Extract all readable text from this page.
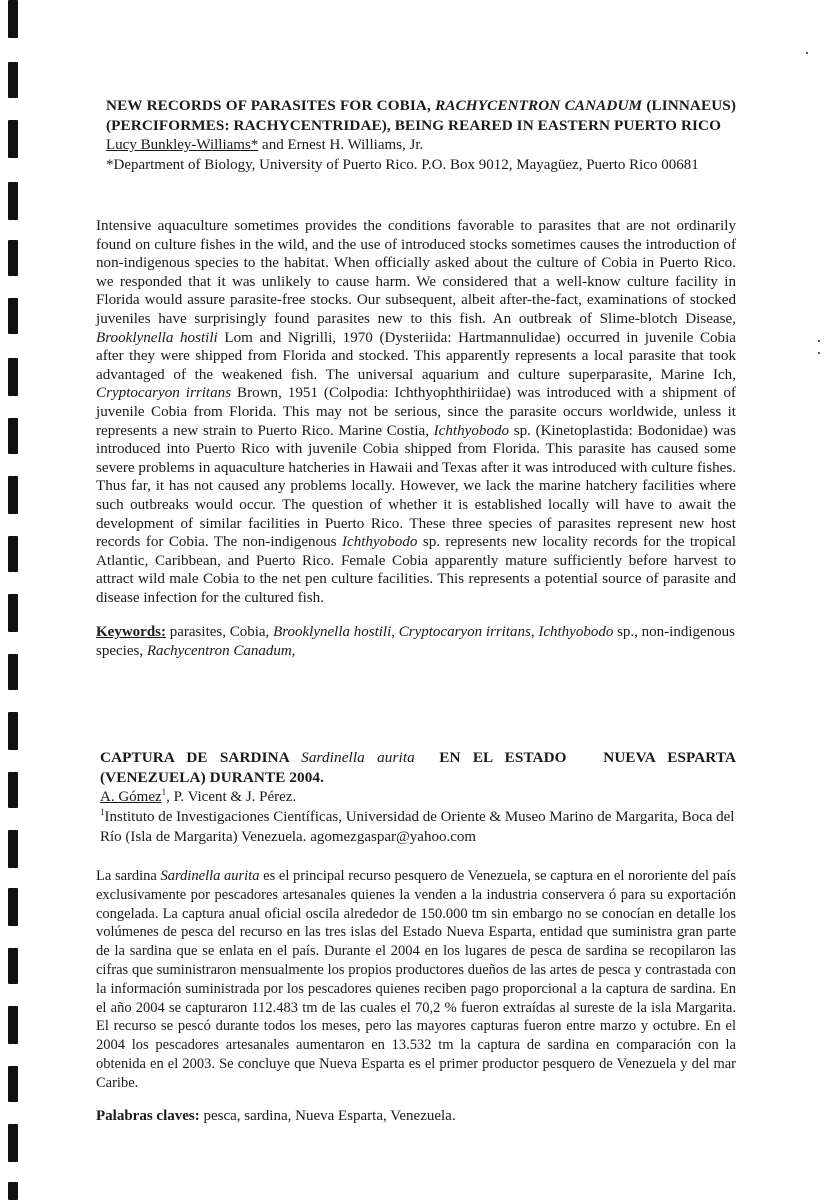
NEW RECORDS OF PARASITES FOR COBIA, RACHYCENTRON CANADUM (LINNAEUS) (PERCIFORMES: RACHYCENTRIDAE), BEING REARED IN EASTERN PUERTO RICO

Lucy Bunkley-Williams* and Ernest H. Williams, Jr.

*Department of Biology, University of Puerto Rico. P.O. Box 9012, Mayagüez, Puerto Rico 00681

Intensive aquaculture sometimes provides the conditions favorable to parasites that are not ordinarily found on culture fishes in the wild, and the use of introduced stocks sometimes causes the introduction of non-indigenous species to the habitat. When officially asked about the culture of Cobia in Puerto Rico. we responded that it was unlikely to cause harm. We considered that a well-know culture facility in Florida would assure parasite-free stocks. Our subsequent, albeit after-the-fact, examinations of stocked juveniles have surprisingly found parasites new to this fish. An outbreak of Slime-blotch Disease, Brooklynella hostili Lom and Nigrilli, 1970 (Dysteriida: Hartmannulidae) occurred in juvenile Cobia after they were shipped from Florida and stocked. This apparently represents a local parasite that took advantaged of the weakened fish. The universal aquarium and culture superparasite, Marine Ich, Cryptocaryon irritans Brown, 1951 (Colpodia: Ichthyophthiriidae) was introduced with a shipment of juvenile Cobia from Florida. This may not be serious, since the parasite occurs worldwide, unless it represents a new strain to Puerto Rico. Marine Costia, Ichthyobodo sp. (Kinetoplastida: Bodonidae) was introduced into Puerto Rico with juvenile Cobia shipped from Florida. This parasite has caused some severe problems in aquaculture hatcheries in Hawaii and Texas after it was introduced with culture fishes. Thus far, it has not caused any problems locally. However, we lack the marine hatchery facilities where such outbreaks would occur. The question of whether it is established locally will have to await the development of similar facilities in Puerto Rico. These three species of parasites represent new host records for Cobia. The non-indigenous Ichthyobodo sp. represents new locality records for the tropical Atlantic, Caribbean, and Puerto Rico. Female Cobia apparently mature sufficiently before harvest to attract wild male Cobia to the net pen culture facilities. This represents a potential source of parasite and disease infection for the cultured fish.

Keywords: parasites, Cobia, Brooklynella hostili, Cryptocaryon irritans, Ichthyobodo sp., non-indigenous species, Rachycentron Canadum,

CAPTURA DE SARDINA Sardinella aurita  EN EL ESTADO   NUEVA ESPARTA (VENEZUELA) DURANTE 2004.

A. Gómez$^1$, P. Vicent & J. Pérez.

$^1$Instituto de Investigaciones Científicas, Universidad de Oriente & Museo Marino de Margarita, Boca del Río (Isla de Margarita) Venezuela. agomezgaspar@yahoo.com

La sardina Sardinella aurita es el principal recurso pesquero de Venezuela, se captura en el nororiente del país exclusivamente por pescadores artesanales quienes la venden a la industria conservera ó para su exportación congelada. La captura anual oficial oscila alrededor de 150.000 tm sin embargo no se conocían en detalle los volúmenes de pesca del recurso en las tres islas del Estado Nueva Esparta, entidad que suministra gran parte de la sardina que se enlata en el país. Durante el 2004 en los lugares de pesca de sardina se recopilaron las cifras que suministraron mensualmente los propios productores dueños de las artes de pesca y contrastada con la información suministrada por los pescadores quienes reciben pago proporcional a la captura de sardina. En el año 2004 se capturaron 112.483 tm de las cuales el 70,2 % fueron extraídas al sureste de la isla Margarita. El recurso se pescó durante todos los meses, pero las mayores capturas fueron entre marzo y octubre. En el 2004 los pescadores artesanales aumentaron en 13.532 tm la captura de sardina en comparación con la obtenida en el 2003. Se concluye que Nueva Esparta es el primer productor pesquero de Venezuela y del mar Caribe.

Palabras claves: pesca, sardina, Nueva Esparta, Venezuela.
